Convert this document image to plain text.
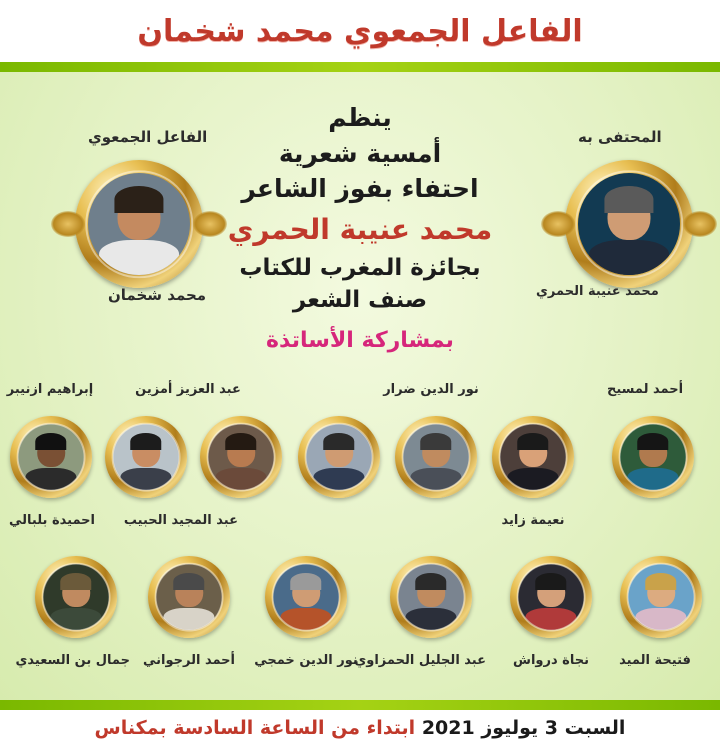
الفاعل الجمعوي محمد شخمان
ينظم
أمسية شعرية
احتفاء بفوز الشاعر
محمد عنيبة الحمري
بجائزة المغرب للكتاب صنف الشعر
بمشاركة الأساتذة
الفاعل الجمعوي
محمد شخمان
المحتفى به
محمد عنيبة الحمري
احميدة بلبالي
إبراهيم ازنيبر
عبد المجيد الحبيب
عبد العزيز أمزين	نور الدين ضرار
نعيمة زايد
أحمد لمسيح
جمال بن السعيدي أحمد الرجواني	نور الدين خمجي
عبد الجليل الحمزاوي	نجاة درواش	فتيحة الميد
السبت 3 يوليوز 2021 ابتداء من الساعة السادسة بمكناس
